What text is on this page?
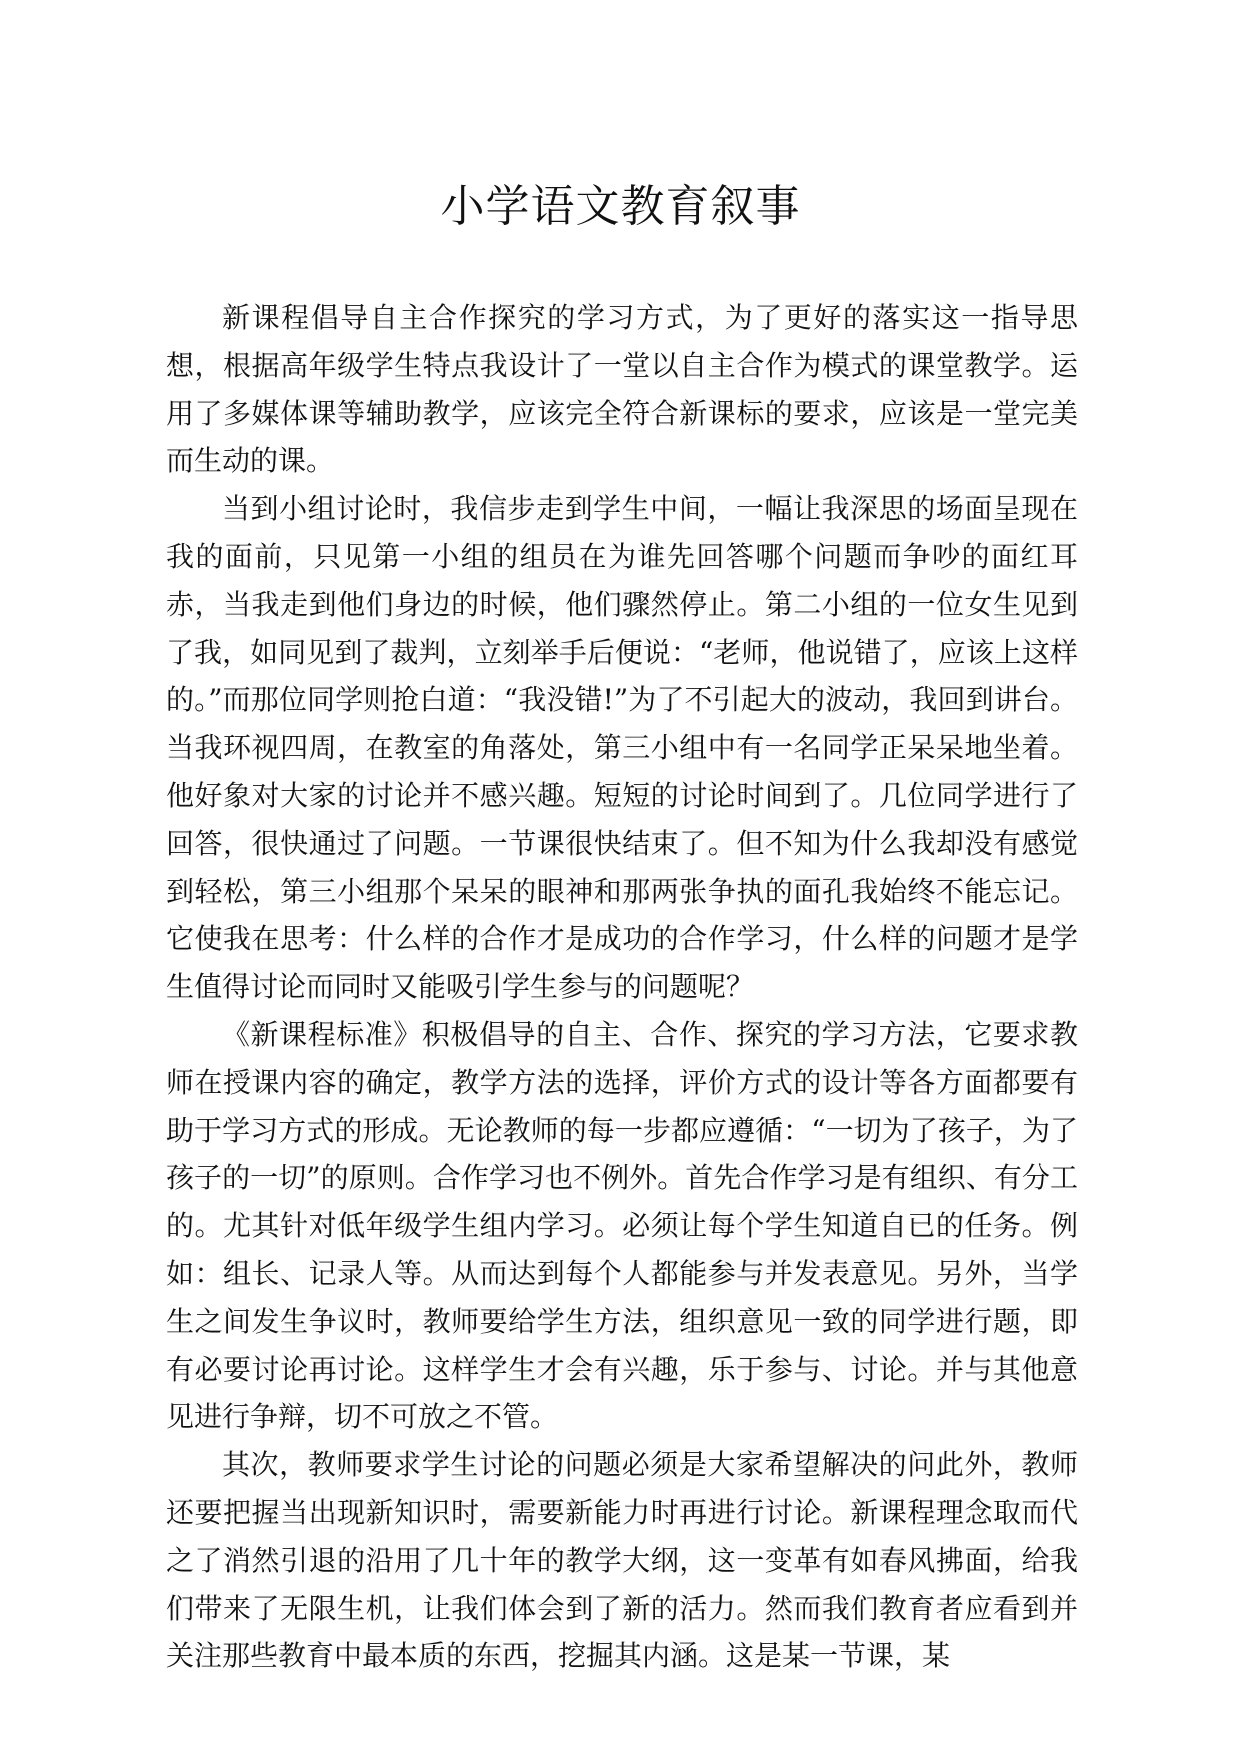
小学语文教育叙事

新课程倡导自主合作探究的学习方式，为了更好的落实这一指导思想，根据高年级学生特点我设计了一堂以自主合作为模式的课堂教学。运用了多媒体课等辅助教学，应该完全符合新课标的要求，应该是一堂完美而生动的课。

当到小组讨论时，我信步走到学生中间，一幅让我深思的场面呈现在我的面前，只见第一小组的组员在为谁先回答哪个问题而争吵的面红耳赤，当我走到他们身边的时候，他们骤然停止。第二小组的一位女生见到了我，如同见到了裁判，立刻举手后便说：“老师，他说错了，应该上这样的。”而那位同学则抢白道：“我没错!”为了不引起大的波动，我回到讲台。当我环视四周，在教室的角落处，第三小组中有一名同学正呆呆地坐着。他好象对大家的讨论并不感兴趣。短短的讨论时间到了。几位同学进行了回答，很快通过了问题。一节课很快结束了。但不知为什么我却没有感觉到轻松，第三小组那个呆呆的眼神和那两张争执的面孔我始终不能忘记。它使我在思考：什么样的合作才是成功的合作学习，什么样的问题才是学生值得讨论而同时又能吸引学生参与的问题呢？

《新课程标准》积极倡导的自主、合作、探究的学习方法，它要求教师在授课内容的确定，教学方法的选择，评价方式的设计等各方面都要有助于学习方式的形成。无论教师的每一步都应遵循：“一切为了孩子，为了孩子的一切”的原则。合作学习也不例外。首先合作学习是有组织、有分工的。尤其针对低年级学生组内学习。必须让每个学生知道自已的任务。例如：组长、记录人等。从而达到每个人都能参与并发表意见。另外，当学生之间发生争议时，教师要给学生方法，组织意见一致的同学进行题，即有必要讨论再讨论。这样学生才会有兴趣，乐于参与、讨论。并与其他意见进行争辩，切不可放之不管。

其次，教师要求学生讨论的问题必须是大家希望解决的问此外，教师还要把握当出现新知识时，需要新能力时再进行讨论。新课程理念取而代之了消然引退的沿用了几十年的教学大纲，这一变革有如春风拂面，给我们带来了无限生机，让我们体会到了新的活力。然而我们教育者应看到并关注那些教育中最本质的东西，挖掘其内涵。这是某一节课，某
